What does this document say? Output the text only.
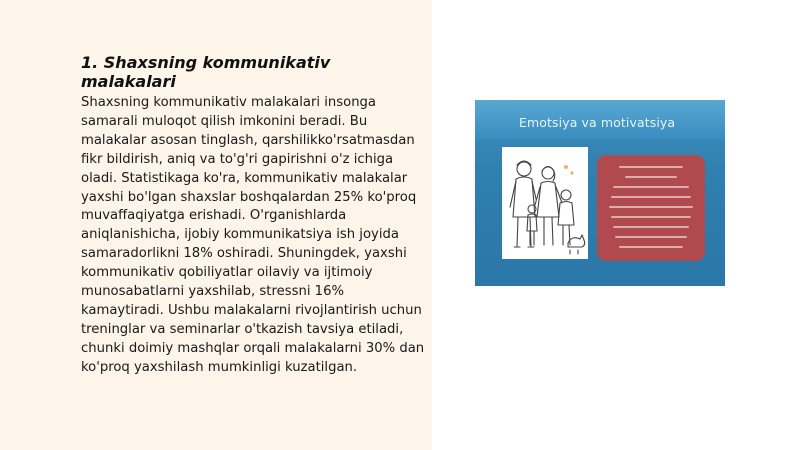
1. Shaxsning kommunikativ malakalari

Shaxsning kommunikativ malakalari insonga samarali muloqot qilish imkonini beradi. Bu malakalar asosan tinglash, qarshilikko'rsatmasdan fikr bildirish, aniq va to'g'ri gapirishni o'z ichiga oladi. Statistikaga ko'ra, kommunikativ malakalar yaxshi bo'lgan shaxslar boshqalardan 25% ko'proq muvaffaqiyatga erishadi. O'rganishlarda aniqlanishicha, ijobiy kommunikatsiya ish joyida samaradorlikni 18% oshiradi. Shuningdek, yaxshi kommunikativ qobiliyatlar oilaviy va ijtimoiy munosabatlarni yaxshilab, stressni 16% kamaytiradi. Ushbu malakalarni rivojlantirish uchun treninglar va seminarlar o'tkazish tavsiya etiladi, chunki doimiy mashqlar orqali malakalarni 30% dan ko'proq yaxshilash mumkinligi kuzatilgan.

Emotsiya va motivatsiya
